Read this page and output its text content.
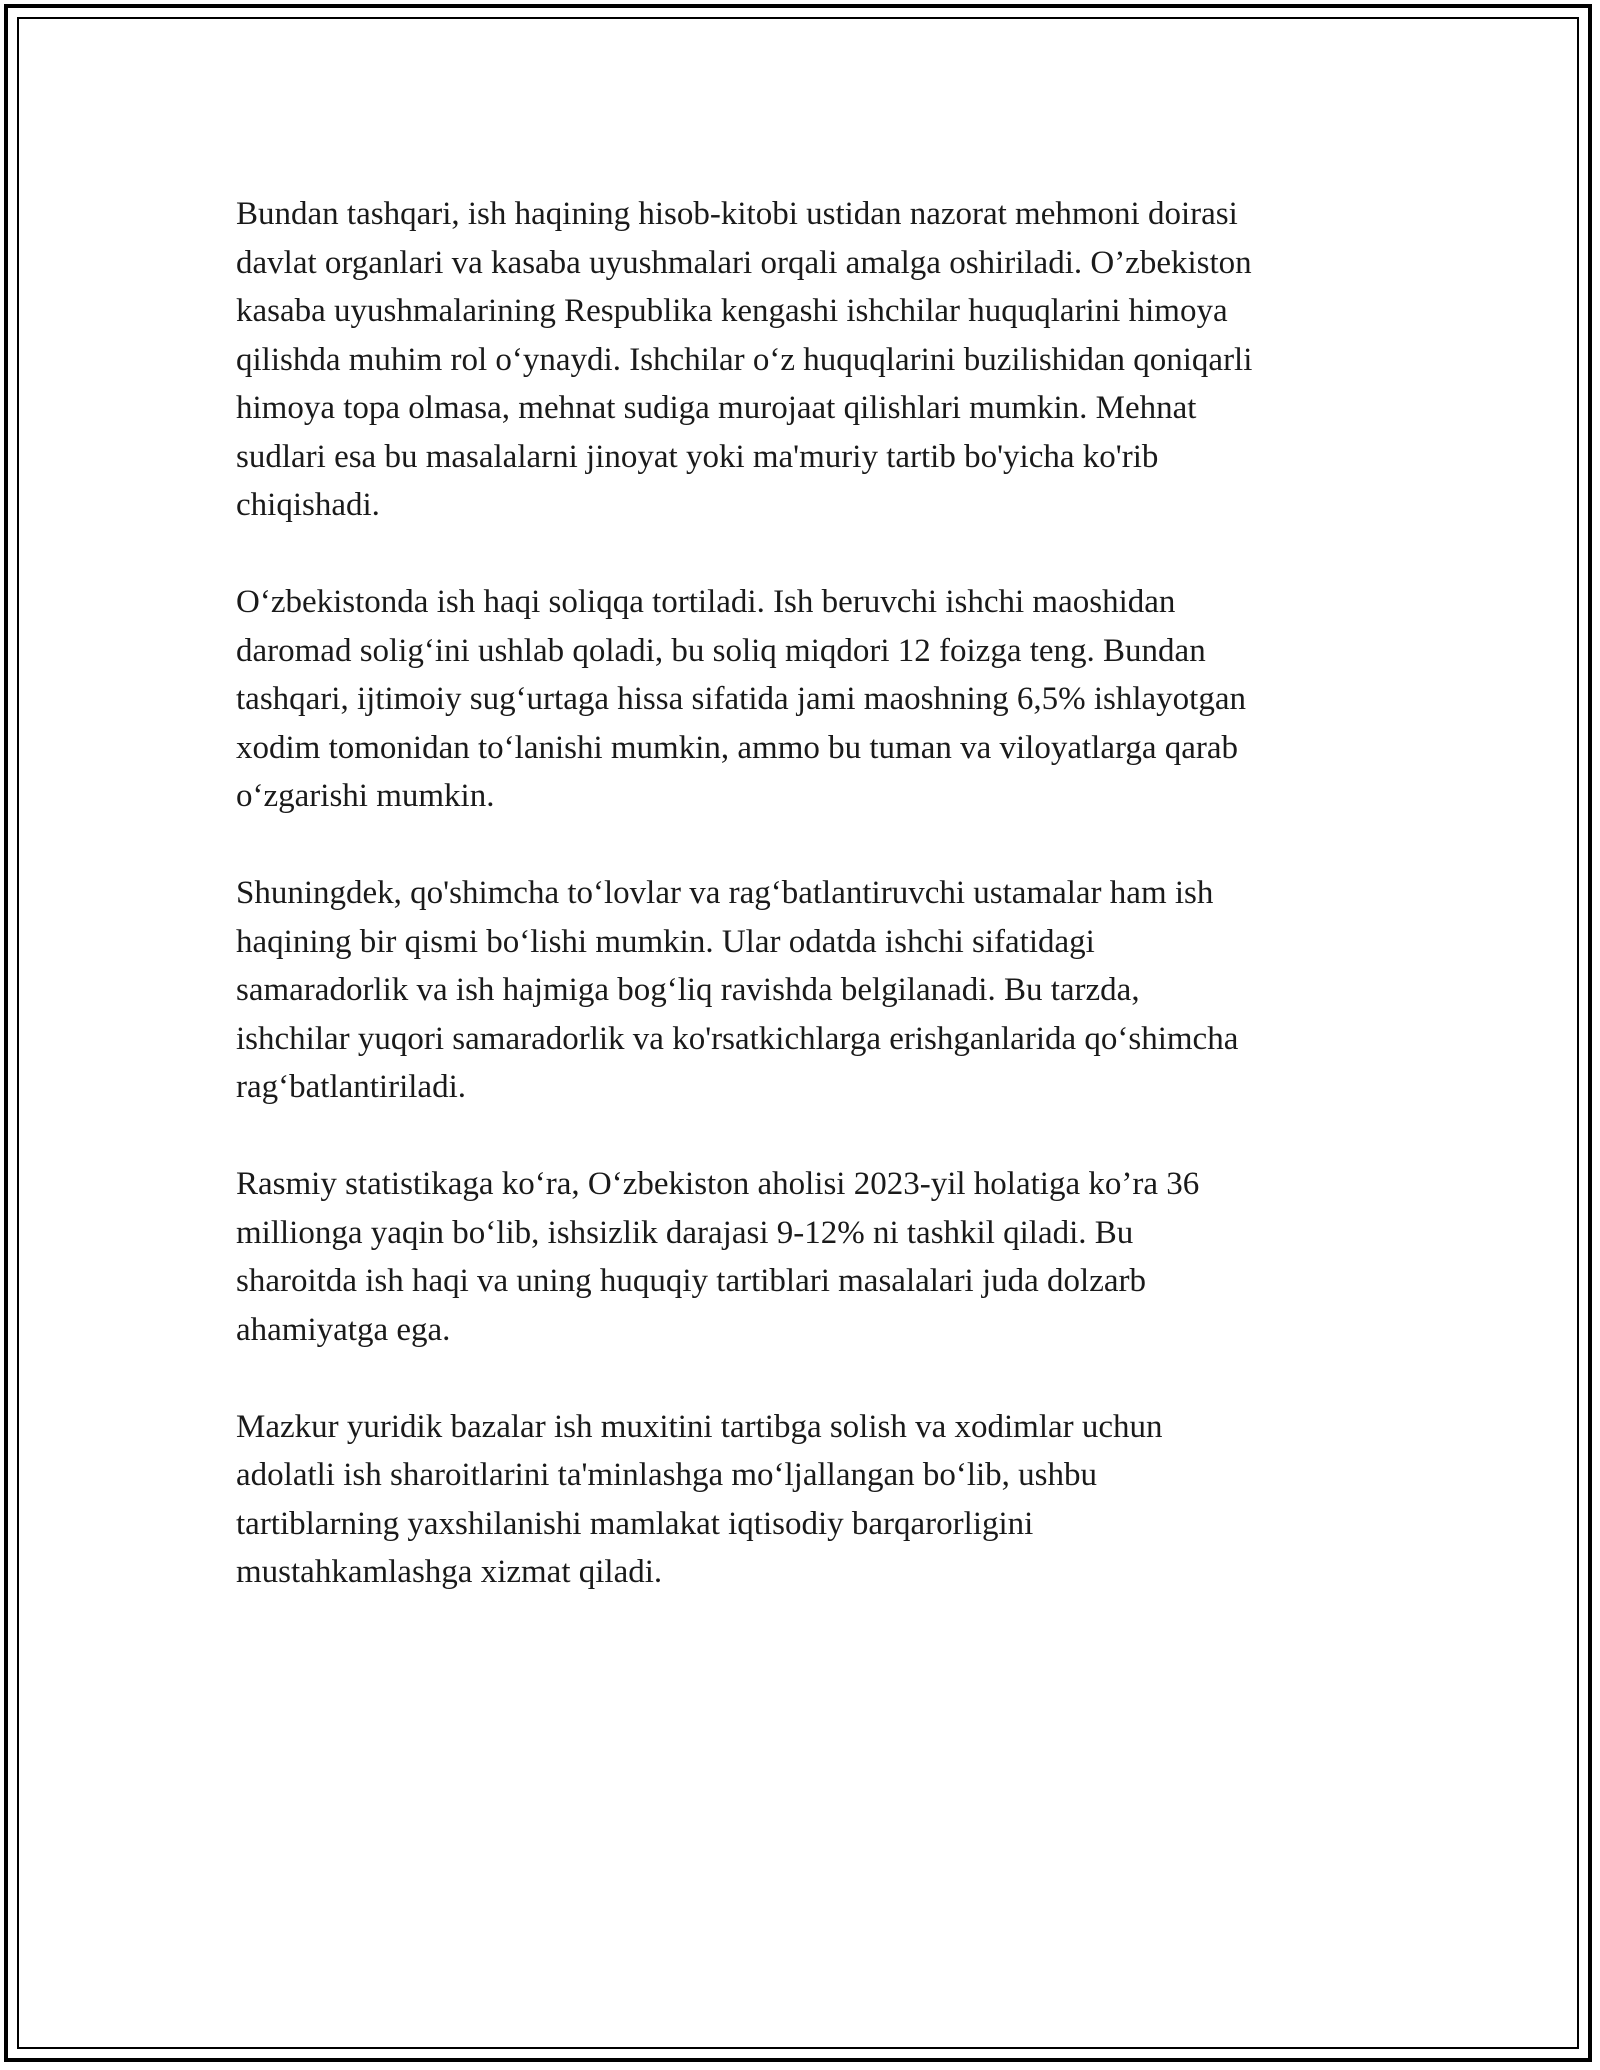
Bundan tashqari, ish haqining hisob-kitobi ustidan nazorat mehmoni doirasi
davlat organlari va kasaba uyushmalari orqali amalga oshiriladi. O’zbekiston
kasaba uyushmalarining Respublika kengashi ishchilar huquqlarini himoya
qilishda muhim rol o‘ynaydi. Ishchilar o‘z huquqlarini buzilishidan qoniqarli
himoya topa olmasa, mehnat sudiga murojaat qilishlari mumkin. Mehnat
sudlari esa bu masalalarni jinoyat yoki ma'muriy tartib bo'yicha ko'rib
chiqishadi.

O‘zbekistonda ish haqi soliqqa tortiladi. Ish beruvchi ishchi maoshidan
daromad solig‘ini ushlab qoladi, bu soliq miqdori 12 foizga teng. Bundan
tashqari, ijtimoiy sug‘urtaga hissa sifatida jami maoshning 6,5% ishlayotgan
xodim tomonidan to‘lanishi mumkin, ammo bu tuman va viloyatlarga qarab
o‘zgarishi mumkin.

Shuningdek, qo'shimcha to‘lovlar va rag‘batlantiruvchi ustamalar ham ish
haqining bir qismi bo‘lishi mumkin. Ular odatda ishchi sifatidagi
samaradorlik va ish hajmiga bog‘liq ravishda belgilanadi. Bu tarzda,
ishchilar yuqori samaradorlik va ko'rsatkichlarga erishganlarida qo‘shimcha
rag‘batlantiriladi.

Rasmiy statistikaga ko‘ra, O‘zbekiston aholisi 2023-yil holatiga ko’ra 36
millionga yaqin bo‘lib, ishsizlik darajasi 9-12% ni tashkil qiladi. Bu
sharoitda ish haqi va uning huquqiy tartiblari masalalari juda dolzarb
ahamiyatga ega.

Mazkur yuridik bazalar ish muxitini tartibga solish va xodimlar uchun
adolatli ish sharoitlarini ta'minlashga mo‘ljallangan bo‘lib, ushbu
tartiblarning yaxshilanishi mamlakat iqtisodiy barqarorligini
mustahkamlashga xizmat qiladi.
